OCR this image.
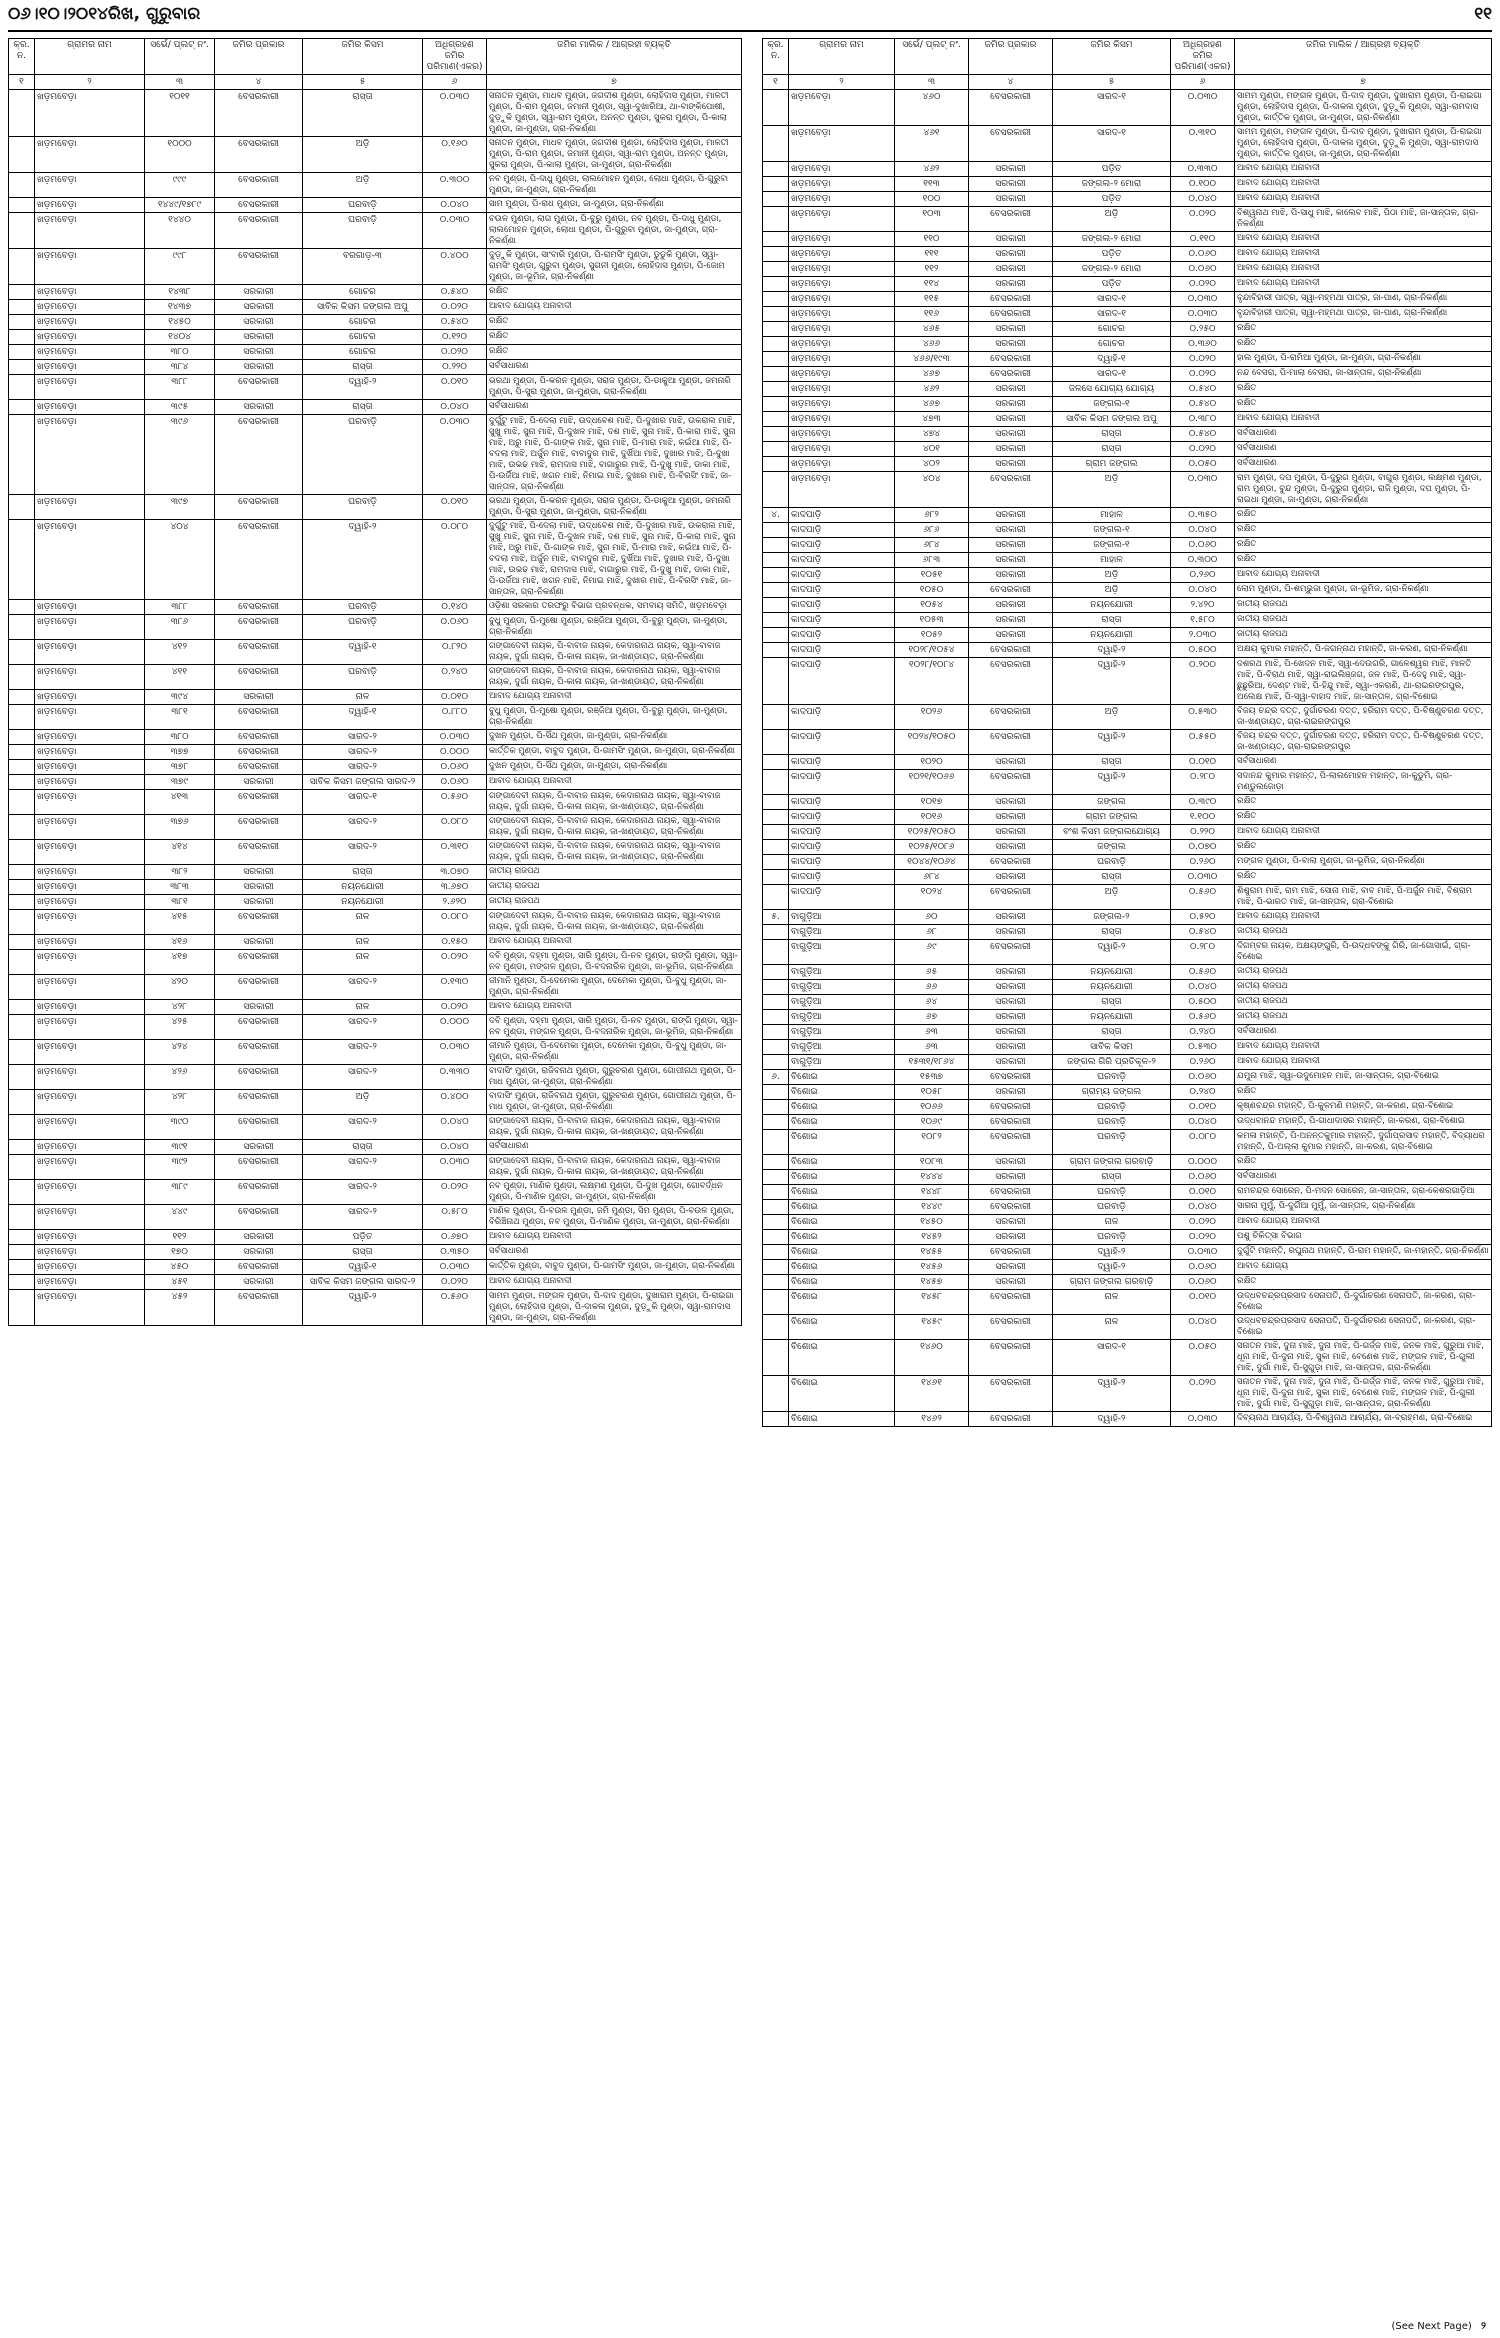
୦୬।୧୦।୨୦୧୪ରିଖ, ଗୁରୁବାର	୧୧
କ୍ର. ନ.	ଗ୍ରାମର ନାମ	ସର୍ଭେ/ ପ୍ଲଟ୍ ନଂ.	ଜମିର ପ୍ରକାର	ଜମିର କିସମ	ଅଧିଗ୍ରହଣ ଜମିର ପରିମାଣ(ଏକର)	ଜମିର ମାଲିକ / ଆଗ୍ରହୀ ବ୍ୟକ୍ତି
୧	୨	୩	୪	୫	୬	୭
	ଖଡ଼ମବେଡ଼ା	୧୦୧୧	ବେସରକାରୀ	ରାସ୍ତା	୦.୦୩୦	ସନାତନ ମୁଣ୍ଡା, ମାଧବ ମୁଣ୍ଡା, ଜଗଦୀଶ ମୁଣ୍ଡା, ଲୋହିଦାସ ମୁଣ୍ଡା, ମାଳତୀ ମୁଣ୍ଡା, ପି-ରାମ ମୁଣ୍ଡା, ଜମାନୀ ମୁଣ୍ଡା, ସ୍ୱା-ଦୁଖାରିଆ, ଥା-ବାଙ୍କିପୋଷୀ, ଦୁଡ଼ୁକି ମୁଣ୍ଡା, ସ୍ୱା-ରାମ ମୁଣ୍ଡା, ଅନନ୍ତ ମୁଣ୍ଡା, ସୁକରା ମୁଣ୍ଡା, ପି-କାଲା ମୁଣ୍ଡା, ଜା-ମୁଣ୍ଡା, ଗ୍ରା-ନିକର୍ଣ୍ଣା
	ଖଡ଼ମବେଡ଼ା	୧୦୦୦	ବେସରକାରୀ	ଅଡ଼ି	୦.୧୬୦	ସନାତନ ମୁଣ୍ଡା, ମାଧବ ମୁଣ୍ଡା, ଜଗଦୀଶ ମୁଣ୍ଡା, ଲୋହିଦାସ ମୁଣ୍ଡା, ମାଳତୀ ମୁଣ୍ଡା, ପି-ରାମ ମୁଣ୍ଡା, ଜମାନୀ ମୁଣ୍ଡା, ସ୍ୱା-ରାମ ମୁଣ୍ଡା, ଅନନ୍ତ ମୁଣ୍ଡା, ସୁକରା ମୁଣ୍ଡା, ପି-କାଲା ମୁଣ୍ଡା, ଜା-ମୁଣ୍ଡା, ଗ୍ରା-ନିକର୍ଣ୍ଣା
	ଖଡ଼ମବେଡ଼ା	୯୯୯	ବେସରକାରୀ	ଅଡ଼ି	୦.୩୦୦	ନବ ମୁଣ୍ଡା, ପି-ଦାଧୁ ମୁଣ୍ଡା, ଲାଲମୋହନ ମୁଣ୍ଡା, ଲୋଧା ମୁଣ୍ଡା, ପି-ଗୁରୁବା ମୁଣ୍ଡା, ଜା-ମୁଣ୍ଡା, ଗ୍ରା-ନିକର୍ଣ୍ଣା
	ଖଡ଼ମବେଡ଼ା	୧୪୪୯/୧୭୮୯	ବେସରକାରୀ	ଘରବାଡ଼ି	୦.୦୪୦	ସାମ ମୁଣ୍ଡା, ପି-ରାଧ ମୁଣ୍ଡା, ଜା-ମୁଣ୍ଡା, ଗ୍ରା-ନିକର୍ଣ୍ଣା
	ଖଡ଼ମବେଡ଼ା	୧୪୪୦	ବେସରକାରୀ	ଘରବାଡ଼ି	୦.୦୩୦	ବଉଳ ମୁଣ୍ଡା, ଲାଗ ମୁଣ୍ଡା, ପି-ବୁରୁ ମୁଣ୍ଡା, ନବ ମୁଣ୍ଡା, ପି-ଦାଧୁ ମୁଣ୍ଡା, ଲାଲମୋହନ ମୁଣ୍ଡା, ଲୋଧା ମୁଣ୍ଡା, ପି-ଗୁରୁବା ମୁଣ୍ଡା, ଜା-ମୁଣ୍ଡା, ଗ୍ରା-ନିକର୍ଣ୍ଣା
	ଖଡ଼ମବେଡ଼ା	୯୯୮	ବେସରକାରୀ	ବରଗାଡ଼-୩	୦.୪୦୦	ଦୁଡ଼ୁକି ମୁଣ୍ଡା, ସାଂବାରି ମୁଣ୍ଡା, ପି-ରାମସିଂ ମୁଣ୍ଡା, ଡୁଡୁକି ମୁଣ୍ଡା, ସ୍ୱା-ରାମସିଂ ମୁଣ୍ଡା, ଗୁରୁବା ମୁଣ୍ଡା, ସୁଗନୀ ମୁଣ୍ଡା, ଲୋହିଦାସ ମୁଣ୍ଡା, ପି-ଜୋମ ମୁଣ୍ଡା, ଜା-ଭୂମିଜ, ଗ୍ରା-ନିକର୍ଣ୍ଣା
	ଖଡ଼ମବେଡ଼ା	୧୪୩୮	ସରକାରୀ	ଗୋଚର	୦.୫୪୦	ରକ୍ଷିତ
	ଖଡ଼ମବେଡ଼ା	୧୪୩୭	ସରକାରୀ	ସାବିକ କିସମ ଜଙ୍ଗଲ ଅପୁ	୦.୦୨୦	ଆବାଦ ଯୋଗ୍ୟ ଅନାବାଦୀ
	ଖଡ଼ମବେଡ଼ା	୧୪୫୦	ସରକାରୀ	ଗୋଚର	୦.୫୪୦	ରକ୍ଷିତ
	ଖଡ଼ମବେଡ଼ା	୧୪୦୪	ସରକାରୀ	ଗୋଚର	୦.୧୨୦	ରକ୍ଷିତ
	ଖଡ଼ମବେଡ଼ା	୩୮୦	ସରକାରୀ	ଗୋଚର	୦.୦୨୦	ରକ୍ଷିତ
	ଖଡ଼ମବେଡ଼ା	୩୮୪	ସରକାରୀ	ରାସ୍ତା	୦.୨୨୦	ସର୍ବସାଧାରଣ
	ଖଡ଼ମବେଡ଼ା	୩୮୮	ବେସରକାରୀ	ଦ୍ୱାହି-୨	୦.୦୧୦	ଭରଥା ମୁଣ୍ଡା, ପି-କରନ ମୁଣ୍ଡା, ସରାଜ ମୁଣ୍ଡା, ପି-ଡାକୁଆ ମୁଣ୍ଡା, ଜମନାରି ମୁଣ୍ଡା, ପି-ସୁରା ମୁଣ୍ଡା, ଜା-ମୁଣ୍ଡା, ଗ୍ରା-ନିକର୍ଣ୍ଣା
	ଖଡ଼ମବେଡ଼ା	୩୯୫	ସରକାରୀ	ରାସ୍ତା	୦.୦୪୦	ସର୍ବସାଧାରଣ
	ଖଡ଼ମବେଡ଼ା	୩୯୬	ବେସରକାରୀ	ଘରବାଡ଼ି	୦.୦୩୦	ଦୁର୍ଗୁଟୁ ମାଝି, ପି-ଦେଲା ମାଝି, ଉଦ୍ଧବେଶ ମାଝି, ପି-ଦୁଖାର ମାଝି, ଉକରାଲ ମାଝି, ସୁଖୁ ମାଝି, ସୁନା ମାଝି, ପି-ଦୁଖଳ ମାଝି, ଦଶ ମାଝି, ସୁନା ମାଝି, ପି-କାରା ମାଝି, ସୁନା ମାଝି, ଅରୁ ମାଝି, ପି-ଗାଙ୍କ ମାଝି, ସୁନା ମାଝି, ପି-ମାରା ମାଝି, କଇଁଆ ମାଝି, ପି-ବଦଲା ମାଝି, ଅର୍ଜୁନ ମାଝି, ବାବାଦୁର ମାଝି, ଦୁର୍ଖିଆ ମାଝି, ଦୁଖାର ମାଝି, ପି-ଦୁଖା ମାଝି, ଉଭଢ ମାଝି, ରାମଦାସ ମାଝି, ବାଗାରୁର ମାଝି, ପି-ଦୁଖୁ ମାଝି, ଡାକା ମାଝି, ପି-ଉର୍ଜିଆ ମାଝି, ଖଗନ ମାଝି, ନିମାଇ ମାଝି, ଦୁଖାର ମାଝି, ପି-ବିରସିଂ ମାଝି, ଜା-ସାନ୍ତାଳ, ଗ୍ରା-ନିକର୍ଣ୍ଣା
	ଖଡ଼ମବେଡ଼ା	୩୯୭	ବେସରକାରୀ	ଘରବାଡ଼ି	୦.୦୧୦	ଭରଥା ମୁଣ୍ଡା, ପି-କରନ ମୁଣ୍ଡା, ସରାଜ ମୁଣ୍ଡା, ପି-ଡାକୁଆ ମୁଣ୍ଡା, ଜମନାରି ମୁଣ୍ଡା, ପି-ସୁରା ମୁଣ୍ଡା, ଜା-ମୁଣ୍ଡା, ଗ୍ରା-ନିକର୍ଣ୍ଣା
	ଖଡ଼ମବେଡ଼ା	୪୦୪	ବେସରକାରୀ	ଦ୍ୱାହି-୨	୦.୦୮୦	ଦୁର୍ଗୁଟୁ ମାଝି, ପି-ଦେଲା ମାଝି, ଉଦ୍ଧବେଶ ମାଝି, ପି-ଦୁଖାର ମାଝି, ଉକରାଲ ମାଝି, ସୁଖୁ ମାଝି, ସୁନା ମାଝି, ପି-ଦୁଖଳ ମାଝି, ଦଶ ମାଝି, ସୁନା ମାଝି, ପି-କାରା ମାଝି, ସୁନା ମାଝି, ଅରୁ ମାଝି, ପି-ଗାଙ୍କ ମାଝି, ସୁନା ମାଝି, ପି-ମାରା ମାଝି, କଇଁଆ ମାଝି, ପି-ବଦଲା ମାଝି, ଅର୍ଜୁନ ମାଝି, ବାବାଦୁର ମାଝି, ଦୁର୍ଖିଆ ମାଝି, ଦୁଖାର ମାଝି, ପି-ଦୁଖା ମାଝି, ଉଭଢ ମାଝି, ରାମଦାସ ମାଝି, ବାଗାରୁର ମାଝି, ପି-ଦୁଖୁ ମାଝି, ଡାକା ମାଝି, ପି-ଉର୍ଜିଆ ମାଝି, ଖଗନ ମାଝି, ନିମାଇ ମାଝି, ଦୁଖାର ମାଝି, ପି-ବିରସିଂ ମାଝି, ଜା-ସାନ୍ତାଳ, ଗ୍ରା-ନିକର୍ଣ୍ଣା
	ଖଡ଼ମବେଡ଼ା	୩୮୮	ବେସରକାରୀ	ଘରବାଡ଼ି	୦.୧୪୦	ଓଡ଼ିଶା ସରକାର ତରଫରୁ ବିଭାଗ ପ୍ରବନ୍ଧକ, ସମବାୟ ସମିତି, ଖଡ଼ମବେଡ଼ା
	ଖଡ଼ମବେଡ଼ା	୩୮୬	ବେସରକାରୀ	ଘରବାଡ଼ି	୦.୦୬୦	ବୁଧୁ ମୁଣ୍ଡା, ପି-ମୁଷୋ ମୁଣ୍ଡା, ରଞ୍ଜିଆ ମୁଣ୍ଡା, ପି-ବୁରୁ ମୁଣ୍ଡା, ଜା-ମୁଣ୍ଡା, ଗ୍ରା-ନିକର୍ଣ୍ଣା
	ଖଡ଼ମବେଡ଼ା	୪୧୨	ବେସରକାରୀ	ଦ୍ୱାହି-୧	୦.୮୨୦	ଗଙ୍ଗାଦେବୀ ନାୟକ, ପି-ବାବାଜ ନାୟକ, କେଦାରନାଥ ନାୟକ, ସ୍ୱା-ବାବାଜ ନାୟକ, ଦୁର୍ଗା ନାୟକ, ପି-କାଳା ନାୟକ, ଜା-ଖଣ୍ଡାୟତ, ଗ୍ରା-ନିକର୍ଣ୍ଣା
	ଖଡ଼ମବେଡ଼ା	୪୧୧	ବେସରକାରୀ	ଘରବାଡ଼ି	୦.୨୪୦	ଗଙ୍ଗାଦେବୀ ନାୟକ, ପି-ବାବାଜ ନାୟକ, କେଦାରନାଥ ନାୟକ, ସ୍ୱା-ବାବାଜ ନାୟକ, ଦୁର୍ଗା ନାୟକ, ପି-କାଳା ନାୟକ, ଜା-ଖଣ୍ଡାୟତ, ଗ୍ରା-ନିକର୍ଣ୍ଣା
	ଖଡ଼ମବେଡ଼ା	୩୯୪	ସରକାରୀ	ନାଳ	୦.୦୧୦	ଆବାଦ ଯୋଗ୍ୟ ଅନାବାଦୀ
	ଖଡ଼ମବେଡ଼ା	୩୮୧	ବେସରକାରୀ	ଦ୍ୱାହି-୧	୦.୮୮୦	ବୁଧୁ ମୁଣ୍ଡା, ପି-ମୁଷୋ ମୁଣ୍ଡା, ରଞ୍ଜିଆ ମୁଣ୍ଡା, ପି-ବୁରୁ ମୁଣ୍ଡା, ଜା-ମୁଣ୍ଡା, ଗ୍ରା-ନିକର୍ଣ୍ଣା
	ଖଡ଼ମବେଡ଼ା	୩୮୦	ବେସରକାରୀ	ସାରଦ-୨	୦.୦୩୦	ଦୁଖନ ମୁଣ୍ଡା, ପି-ସିଁଥ ମୁଣ୍ଡା, ଜା-ମୁଣ୍ଡା, ଗ୍ରା-ନିକର୍ଣ୍ଣା
	ଖଡ଼ମବେଡ଼ା	୩୭୭	ବେସରକାରୀ	ସାରଦ-୨	୦.୦୦୦	କାର୍ତ୍ତିକ ମୁଣ୍ଡା, ବାବୁଦ ମୁଣ୍ଡା, ପି-ଗାମସିଂ ମୁଣ୍ଡା, ଜା-ମୁଣ୍ଡା, ଗ୍ରା-ନିକର୍ଣ୍ଣା
	ଖଡ଼ମବେଡ଼ା	୩୭୮	ବେସରକାରୀ	ସାରଦ-୨	୦.୦୬୦	ଦୁଖନ ମୁଣ୍ଡା, ପି-ସିଁଥ ମୁଣ୍ଡା, ଜା-ମୁଣ୍ଡା, ଗ୍ରା-ନିକର୍ଣ୍ଣା
	ଖଡ଼ମବେଡ଼ା	୩୭୯	ସରକାରୀ	ସାବିକ କିସମ ଜଙ୍ଗଲ ସାରଦ-୨	୦.୦୬୦	ଆବାଦ ଯୋଗ୍ୟ ଅନାବାଦୀ
	ଖଡ଼ମବେଡ଼ା	୪୧୩	ବେସରକାରୀ	ସାରଦ-୧	୦.୫୬୦	ଗଙ୍ଗାଦେବୀ ନାୟକ, ପି-ବାବାଜ ନାୟକ, କେଦାରନାଥ ନାୟକ, ସ୍ୱା-ବାବାଜ ନାୟକ, ଦୁର୍ଗା ନାୟକ, ପି-କାଳା ନାୟକ, ଜା-ଖଣ୍ଡାୟତ, ଗ୍ରା-ନିକର୍ଣ୍ଣା
	ଖଡ଼ମବେଡ଼ା	୩୭୬	ବେସରକାରୀ	ସାରଦ-୨	୦.୦୮୦	ଗଙ୍ଗାଦେବୀ ନାୟକ, ପି-ବାବାଜ ନାୟକ, କେଦାରନାଥ ନାୟକ, ସ୍ୱା-ବାବାଜ ନାୟକ, ଦୁର୍ଗା ନାୟକ, ପି-କାଳା ନାୟକ, ଜା-ଖଣ୍ଡାୟତ, ଗ୍ରା-ନିକର୍ଣ୍ଣା
	ଖଡ଼ମବେଡ଼ା	୪୧୪	ବେସରକାରୀ	ସାରଦ-୨	୦.୩୧୦	ଗଙ୍ଗାଦେବୀ ନାୟକ, ପି-ବାବାଜ ନାୟକ, କେଦାରନାଥ ନାୟକ, ସ୍ୱା-ବାବାଜ ନାୟକ, ଦୁର୍ଗା ନାୟକ, ପି-କାଳା ନାୟକ, ଜା-ଖଣ୍ଡାୟତ, ଗ୍ରା-ନିକର୍ଣ୍ଣା
	ଖଡ଼ମବେଡ଼ା	୩୮୨	ସରକାରୀ	ରାସ୍ତା	୩.୦୭୦	ଜାତୀୟ ରାଜପଥ
	ଖଡ଼ମବେଡ଼ା	୩୮୩	ସରକାରୀ	ନୟନଯୋରୀ	୩.୬୭୦	ଜାତୀୟ ରାଜପଥ
	ଖଡ଼ମବେଡ଼ା	୩୮୧	ସରକାରୀ	ନୟନଯୋରୀ	୨.୬୨୦	ଜାତୀୟ ରାଜପଥ
	ଖଡ଼ମବେଡ଼ା	୪୧୫	ବେସରକାରୀ	ନାଳ	୦.୦୮୦	ଗଙ୍ଗାଦେବୀ ନାୟକ, ପି-ବାବାଜ ନାୟକ, କେଦାରନାଥ ନାୟକ, ସ୍ୱା-ବାବାଜ ନାୟକ, ଦୁର୍ଗା ନାୟକ, ପି-କାଳା ନାୟକ, ଜା-ଖଣ୍ଡାୟତ, ଗ୍ରା-ନିକର୍ଣ୍ଣା
	ଖଡ଼ମବେଡ଼ା	୪୧୬	ସରକାରୀ	ନାଳ	୦.୧୫୦	ଆବାଦ ଯୋଗ୍ୟ ଅନାବାଦୀ
	ଖଡ଼ମବେଡ଼ା	୪୧୭	ବେସରକାରୀ	ନାଳ	୦.୦୨୦	ଦବି ମୁଣ୍ଡା, ଦହ୍ମା ମୁଣ୍ଡା, ସାରି ମୁଣ୍ଡା, ପି-ନବ ମୁଣ୍ଡା, ରାଙ୍ଗି ମୁଣ୍ଡା, ସ୍ୱା-ନବ ମୁଣ୍ଡା, ମଙ୍ଗଳ ମୁଣ୍ଡା, ପି-ବଦନାରିକ ମୁଣ୍ଡା, ଜା-ଭୂମିଜ, ଗ୍ରା-ନିକର୍ଣ୍ଣା
	ଖଡ଼ମବେଡ଼ା	୪୨୦	ବେସରକାରୀ	ସାରଦ-୨	୦.୧୩୦	ଜୀମାନି ମୁଣ୍ଡା, ପି-ଦେମେକା ମୁଣ୍ଡା, ଦେମେକା ମୁଣ୍ଡା, ପି-ବୁଧୁ ମୁଣ୍ଡା, ଜା-ମୁଣ୍ଡା, ଗ୍ରା-ନିକର୍ଣ୍ଣା
	ଖଡ଼ମବେଡ଼ା	୪୨୮	ସରକାରୀ	ନାଳ	୦.୦୨୦	ଆବାଦ ଯୋଗ୍ୟ ଅନାବାଦୀ
	ଖଡ଼ମବେଡ଼ା	୪୨୫	ବେସରକାରୀ	ସାରଦ-୨	୦.୦୦୦	ଦବି ମୁଣ୍ଡା, ଦହ୍ମା ମୁଣ୍ଡା, ସାରି ମୁଣ୍ଡା, ପି-ନବ ମୁଣ୍ଡା, ରାଙ୍ଗି ମୁଣ୍ଡା, ସ୍ୱା-ନବ ମୁଣ୍ଡା, ମଙ୍ଗଳ ମୁଣ୍ଡା, ପି-ବଦନାରିକ ମୁଣ୍ଡା, ଜା-ଭୂମିଜ, ଗ୍ରା-ନିକର୍ଣ୍ଣା
	ଖଡ଼ମବେଡ଼ା	୪୨୪	ବେସରକାରୀ	ସାରଦ-୨	୦.୦୩୦	ଜୀମାନି ମୁଣ୍ଡା, ପି-ଦେମେକା ମୁଣ୍ଡା, ଦେମେକା ମୁଣ୍ଡା, ପି-ବୁଧୁ ମୁଣ୍ଡା, ଜା-ମୁଣ୍ଡା, ଗ୍ରା-ନିକର୍ଣ୍ଣା
	ଖଡ଼ମବେଡ଼ା	୪୨୬	ବେସରକାରୀ	ସାରଦ-୨	୦.୩୩୦	ବାଦାସିଂ ମୁଣ୍ଡା, ରାଜିବନାଥ ମୁଣ୍ଡା, ଗୁରୁଚରଣ ମୁଣ୍ଡା, ଗୋପୀନାଥ ମୁଣ୍ଡା, ପି-ମାଧ ମୁଣ୍ଡା, ଜା-ମୁଣ୍ଡା, ଗ୍ରା-ନିକର୍ଣ୍ଣା
	ଖଡ଼ମବେଡ଼ା	୪୨୮	ବେସରକାରୀ	ଅଡ଼ି	୦.୪୦୦	ବାଦାସିଂ ମୁଣ୍ଡା, ରାଜିବନାଥ ମୁଣ୍ଡା, ଗୁରୁଚରଣ ମୁଣ୍ଡା, ଗୋପୀନାଥ ମୁଣ୍ଡା, ପି-ମାଧ ମୁଣ୍ଡା, ଜା-ମୁଣ୍ଡା, ଗ୍ରା-ନିକର୍ଣ୍ଣା
	ଖଡ଼ମବେଡ଼ା	୩୯୦	ବେସରକାରୀ	ସାରଦ-୨	୦.୦୪୦	ଗଙ୍ଗାଦେବୀ ନାୟକ, ପି-ବାବାଜ ନାୟକ, କେଦାରନାଥ ନାୟକ, ସ୍ୱା-ବାବାଜ ନାୟକ, ଦୁର୍ଗା ନାୟକ, ପି-କାଳା ନାୟକ, ଜା-ଖଣ୍ଡାୟତ, ଗ୍ରା-ନିକର୍ଣ୍ଣା
	ଖଡ଼ମବେଡ଼ା	୩୯୧	ସରକାରୀ	ରାସ୍ତା	୦.୦୪୦	ସର୍ବସାଧାରଣ
	ଖଡ଼ମବେଡ଼ା	୩୯୨	ବେସରକାରୀ	ସାରଦ-୨	୦.୦୩୦	ଗଙ୍ଗାଦେବୀ ନାୟକ, ପି-ବାବାଜ ନାୟକ, କେଦାରନାଥ ନାୟକ, ସ୍ୱା-ବାବାଜ ନାୟକ, ଦୁର୍ଗା ନାୟକ, ପି-କାଳା ନାୟକ, ଜା-ଖଣ୍ଡାୟତ, ଗ୍ରା-ନିକର୍ଣ୍ଣା
	ଖଡ଼ମବେଡ଼ା	୩୮୯	ବେସରକାରୀ	ସାରଦ-୨	୦.୦୨୦	ନବ ମୁଣ୍ଡା, ମାଣିକ ମୁଣ୍ଡା, ଲକ୍ଷ୍ମଣ ମୁଣ୍ଡା, ପି-ଦୁଖ ମୁଣ୍ଡା, ଗୋବର୍ଦ୍ଧନ ମୁଣ୍ଡା, ପି-ମାଣିକ ମୁଣ୍ଡା, ଜା-ମୁଣ୍ଡା, ଗ୍ରା-ନିକର୍ଣ୍ଣା
	ଖଡ଼ମବେଡ଼ା	୪୪୯	ବେସରକାରୀ	ସାରଦ-୨	୦.୫୮୦	ମାଣିକ ମୁଣ୍ଡା, ପି-ବଉଳ ମୁଣ୍ଡା, ଜମି ମୁଣ୍ଡା, ସିମ ମୁଣ୍ଡା, ପି-ବଉଳ ମୁଣ୍ଡା, ବିରିଞ୍ଚିନାଥ ମୁଣ୍ଡା, ନବ ମୁଣ୍ଡା, ପି-ମାଣିକ ମୁଣ୍ଡା, ଜା-ମୁଣ୍ଡା, ଗ୍ରା-ନିକର୍ଣ୍ଣା
	ଖଡ଼ମବେଡ଼ା	୧୧୨	ସରକାରୀ	ପଡ଼ିତ	୦.୬୭୦	ଆବାଦ ଯୋଗ୍ୟ ଅନାବାଦୀ
	ଖଡ଼ମବେଡ଼ା	୧୭୦	ସରକାରୀ	ରାସ୍ତା	୦.୩୫୦	ସର୍ବସାଧାରଣ
	ଖଡ଼ମବେଡ଼ା	୪୫୦	ବେସରକାରୀ	ଦ୍ୱାହି-୧	୦.୦୩୦	କାର୍ତ୍ତିକ ମୁଣ୍ଡା, ବାବୁଦ ମୁଣ୍ଡା, ପି-ଗାମସିଂ ମୁଣ୍ଡା, ଜା-ମୁଣ୍ଡା, ଗ୍ରା-ନିକର୍ଣ୍ଣା
	ଖଡ଼ମବେଡ଼ା	୪୫୧	ସରକାରୀ	ସାବିକ କିସମ ଜଙ୍ଗଲ ସାରଦ-୨	୦.୦୨୦	ଆବାଦ ଯୋଗ୍ୟ ଅନାବାଦୀ
	ଖଡ଼ମବେଡ଼ା	୪୫୨	ବେସରକାରୀ	ଦ୍ୱାହି-୨	୦.୫୬୦	ସାମମ ମୁଣ୍ଡା, ମଙ୍ଗଳ ମୁଣ୍ଡା, ପି-ଦାଦ ମୁଣ୍ଡା, ଦୁଖାରାମ ମୁଣ୍ଡା, ପି-ରାଇଗା ମୁଣ୍ଡା, ଲୋହିଦାସ ମୁଣ୍ଡା, ପି-ଦାକଳା ମୁଣ୍ଡା, ଦୁଡ଼ୁକି ମୁଣ୍ଡା, ସ୍ୱା-ରାମଦାସ ମୁଣ୍ଡା, ଜା-ମୁଣ୍ଡା, ଗ୍ରା-ନିକର୍ଣ୍ଣା
କ୍ର. ନ.	ଗ୍ରାମର ନାମ	ସର୍ଭେ/ ପ୍ଲଟ୍ ନଂ.	ଜମିର ପ୍ରକାର	ଜମିର କିସମ	ଅଧିଗ୍ରହଣ ଜମିର ପରିମାଣ(ଏକର)	ଜମିର ମାଲିକ / ଆଗ୍ରହୀ ବ୍ୟକ୍ତି
୧	୨	୩	୪	୫	୬	୭
	ଖଡ଼ମବେଡ଼ା	୪୬୦	ବେସରକାରୀ	ସାରଦ-୧	୦.୦୩୦	ସାମମ ମୁଣ୍ଡା, ମଙ୍ଗଳ ମୁଣ୍ଡା, ପି-ଦାଦ ମୁଣ୍ଡା, ଦୁଖାରାମ ମୁଣ୍ଡା, ପି-ରାଇଗା ମୁଣ୍ଡା, ଲୋହିଦାସ ମୁଣ୍ଡା, ପି-ଦାକଳା ମୁଣ୍ଡା, ଦୁଡ଼ୁକି ମୁଣ୍ଡା, ସ୍ୱା-ରାମଦାସ ମୁଣ୍ଡା, କାର୍ତ୍ତିକ ମୁଣ୍ଡା, ଜା-ମୁଣ୍ଡା, ଗ୍ରା-ନିକର୍ଣ୍ଣା
	ଖଡ଼ମବେଡ଼ା	୪୬୧	ବେସରକାରୀ	ସାରଦ-୧	୦.୩୧୦	ସାମମ ମୁଣ୍ଡା, ମଙ୍ଗଳ ମୁଣ୍ଡା, ପି-ଦାଦ ମୁଣ୍ଡା, ଦୁଖାରାମ ମୁଣ୍ଡା, ପି-ରାଇଗା ମୁଣ୍ଡା, ଲୋହିଦାସ ମୁଣ୍ଡା, ପି-ଦାକଳା ମୁଣ୍ଡା, ଦୁଡ଼ୁକି ମୁଣ୍ଡା, ସ୍ୱା-ରାମଦାସ ମୁଣ୍ଡା, କାର୍ତ୍ତିକ ମୁଣ୍ଡା, ଜା-ମୁଣ୍ଡା, ଗ୍ରା-ନିକର୍ଣ୍ଣା
	ଖଡ଼ମବେଡ଼ା	୪୬୨	ସରକାରୀ	ପଡ଼ିତ	୦.୩୩୦	ଆବାଦ ଯୋଗ୍ୟ ଅନାବାଦୀ
	ଖଡ଼ମବେଡ଼ା	୧୧୩	ସରକାରୀ	ଜଙ୍ଗଲ-୨ ମୋରା	୦.୧୦୦	ଆବାଦ ଯୋଗ୍ୟ ଅନାବାଦୀ
	ଖଡ଼ମବେଡ଼ା	୧୦୦	ସରକାରୀ	ପଡ଼ିତ	୦.୦୪୦	ଆବାଦ ଯୋଗ୍ୟ ଅନାବାଦୀ
	ଖଡ଼ମବେଡ଼ା	୧୦୩	ବେସରକାରୀ	ଅଡ଼ି	୦.୦୨୦	ବିଶ୍ୱନାଥ ମାଝି, ପି-ସାଧୁ ମାଝି, କାଲେବ ମାଝି, ପିଠା ମାଝି, ଜା-ସାନ୍ତାଳ, ଗ୍ରା-ନିକର୍ଣ୍ଣା
	ଖଡ଼ମବେଡ଼ା	୧୧୦	ସରକାରୀ	ଜଙ୍ଗଲ-୨ ମୋରା	୦.୧୧୦	ଆବାଦ ଯୋଗ୍ୟ ଅନାବାଦୀ
	ଖଡ଼ମବେଡ଼ା	୧୧୧	ସରକାରୀ	ପଡ଼ିତ	୦.୦୬୦	ଆବାଦ ଯୋଗ୍ୟ ଅନାବାଦୀ
	ଖଡ଼ମବେଡ଼ା	୧୧୨	ସରକାରୀ	ଜଙ୍ଗଲ-୨ ମୋରା	୦.୦୬୦	ଆବାଦ ଯୋଗ୍ୟ ଅନାବାଦୀ
	ଖଡ଼ମବେଡ଼ା	୧୧୪	ସରକାରୀ	ପଡ଼ିତ	୦.୦୨୦	ଆବାଦ ଯୋଗ୍ୟ ଅନାବାଦୀ
	ଖଡ଼ମବେଡ଼ା	୧୧୫	ବେସରକାରୀ	ସାରଦ-୧	୦.୦୩୦	ବୃନ୍ଦାବିହାରୀ ପାତ୍ର, ସ୍ୱା-ମହ୍ମଥା ପାତ୍ର, ଜା-ପାଣ, ଗ୍ରା-ନିକର୍ଣ୍ଣା
	ଖଡ଼ମବେଡ଼ା	୧୧୬	ବେସରକାରୀ	ସାରଦ-୧	୦.୦୩୦	ବୃନ୍ଦାବିହାରୀ ପାତ୍ର, ସ୍ୱା-ମହ୍ମଥା ପାତ୍ର, ଜା-ପାଣ, ଗ୍ରା-ନିକର୍ଣ୍ଣା
	ଖଡ଼ମବେଡ଼ା	୪୬୫	ସରକାରୀ	ଗୋଚର	୦.୨୫୦	ରକ୍ଷିତ
	ଖଡ଼ମବେଡ଼ା	୪୬୬	ସରକାରୀ	ଗୋଚର	୦.୩୬୦	ରକ୍ଷିତ
	ଖଡ଼ମବେଡ଼ା	୪୬୬/୧୯୩	ବେସରକାରୀ	ଦ୍ୱାହି-୧	୦.୦୨୦	ହାଲ ମୁଣ୍ଡା, ପି-ରାମିଆ ମୁଣ୍ଡା, ଜା-ମୁଣ୍ଡା, ଗ୍ରା-ନିକର୍ଣ୍ଣା
	ଖଡ଼ମବେଡ଼ା	୪୬୭	ବେସରକାରୀ	ସାରଦ-୧	୦.୦୨୦	ନନ୍ଦ ବେସରା, ପି-ମାଲା ବେସରା, ଜା-ସାନ୍ତାଳ, ଗ୍ରା-ନିକର୍ଣ୍ଣା
	ଖଡ଼ମବେଡ଼ା	୪୬୨	ସରକାରୀ	ଜଳସେ ଯୋଗ୍ୟ ଯୋଗ୍ୟ	୦.୫୪୦	ରକ୍ଷିତ
	ଖଡ଼ମବେଡ଼ା	୪୬୭	ସରକାରୀ	ଜଙ୍ଗଲ-୧	୦.୫୪୦	ରକ୍ଷିତ
	ଖଡ଼ମବେଡ଼ା	୪୭୩	ସରକାରୀ	ସାବିକ କିସମ ଜଙ୍ଗଲ ଅପୁ	୦.୩୮୦	ଆବାଦ ଯୋଗ୍ୟ ଅନାବାଦୀ
	ଖଡ଼ମବେଡ଼ା	୪୭୪	ସରକାରୀ	ରାସ୍ତା	୦.୫୪୦	ସର୍ବସାଧାରଣ
	ଖଡ଼ମବେଡ଼ା	୪୦୧	ସରକାରୀ	ରାସ୍ତା	୦.୦୨୦	ସର୍ବସାଧାରଣ
	ଖଡ଼ମବେଡ଼ା	୪୦୨	ସରକାରୀ	ଗ୍ରାମ ଜଙ୍ଗଲ	୦.୦୫୦	ସର୍ବସାଧାରଣ
	ଖଡ଼ମବେଡ଼ା	୪୦୪	ବେସରକାରୀ	ଅଡ଼ି	୦.୦୩୦	ରାମ ମୁଣ୍ଡା, ଦପ ମୁଣ୍ଡା, ପି-ଦୁରୁଗ ମୁଣ୍ଡା, ବାଗୁରା ମୁଣ୍ଡା, ଲକ୍ଷ୍ମଣ ମୁଣ୍ଡା, ରାମ ମୁଣ୍ଡା, ବୁନ୍ଦ ମୁଣ୍ଡା, ପି-ଦୁରୁଗ ମୁଣ୍ଡା, ରାଜି ମୁଣ୍ଡା, ଦପ ମୁଣ୍ଡା, ପି-ରାଇଧା ମୁଣ୍ଡା, ଜା-ମୁଣ୍ଡା, ଗ୍ରା-ନିକର୍ଣ୍ଣା
୪.	କାଦପାଡ଼ି	୬୮୨	ସରକାରୀ	ମାହାଳ	୦.୩୫୦	ରକ୍ଷିତ
	କାଦପାଡ଼ି	୬୮୬	ସରକାରୀ	ଜଙ୍ଗଲ-୧	୦.୦୪୦	ରକ୍ଷିତ
	କାଦପାଡ଼ି	୬୮୪	ସରକାରୀ	ଜଙ୍ଗଲ-୧	୦.୦୬୦	ରକ୍ଷିତ
	କାଦପାଡ଼ି	୬୮୩	ସରକାରୀ	ମାହାଳ	୦.୩୦୦	ରକ୍ଷିତ
	କାଦପାଡ଼ି	୧୦୫୧	ସରକାରୀ	ଅଡ଼ି	୦.୨୬୦	ଆବାଦ ଯୋଗ୍ୟ ଅନାବାଦୀ
	କାଦପାଡ଼ି	୧୦୫୦	ବେସରକାରୀ	ଅଡ଼ି	୦.୦୪୦	ଲୋମ ମୁଣ୍ଡା, ପି-ଶମ୍ଭୁଜା ମୁଣ୍ଡା, ଜା-ଭୂମିଜ, ଗ୍ରା-ନିକର୍ଣ୍ଣା
	କାଦପାଡ଼ି	୧୦୫୪	ସରକାରୀ	ନୟନଯୋରୀ	୨.୪୨୦	ଜାତୀୟ ରାଜପଥ
	କାଦପାଡ଼ି	୧୦୫୩	ସରକାରୀ	ରାସ୍ତା	୧.୫୮୦	ଜାତୀୟ ରାଜପଥ
	କାଦପାଡ଼ି	୧୦୫୨	ସରକାରୀ	ନୟନଯୋରୀ	୨.୦୩୦	ଜାତୀୟ ରାଜପଥ
	କାଦପାଡ଼ି	୧୦୨୮/୧୦୫୪	ବେସରକାରୀ	ଦ୍ୱାହି-୨	୦.୫୦୦	ଅକ୍ଷୟ କୁମାର ମହାନ୍ତି, ପି-ଜଗନ୍ନାଥ ମହାନ୍ତି, ଜା-କରଣ, ଗ୍ରା-ନିକର୍ଣ୍ଣା
	କାଦପାଡ଼ି	୧୦୨୮/୧୦୮୪	ବେସରକାରୀ	ଦ୍ୱାହି-୨	୦.୨୦୦	ଦଶରଥ ମାଝି, ପି-ଖେଦନ ମାଝି, ସ୍ୱା-ଦେଉଗରି, ଗାଳେଶ୍ୱର ମାଝି, ମାଳତି ମାଝି, ପି-ବିରାଥ ମାଝି, ସ୍ୱା-ରାଇଲିଞ୍ଜଗ, ଜଳ ମାଝି, ପି-ଦେହୁ ମାଝି, ସ୍ୱା-ଛୁଛୁରିଆ, ଦେଣ୍ଟ ମାଝି, ପି-ହିନ୍ଦୁ ମାଝି, ସ୍ୱା-ଏକରାଣି, ଥା-ରାଇରଙ୍ଗପୁର, ଅଲେକ୍ଷ ମାଝି, ପି-ସ୍ୱା-ବାହାଦ ମାଝି, ଜା-ସାନ୍ତାଳ, ଗ୍ରା-ବିଶୋଇ
	କାଦପାଡ଼ି	୧୦୨୬	ବେସରକାରୀ	ଅଡ଼ି	୦.୫୩୦	ବିଜୟ ଚନ୍ଦ୍ର ଦତ୍ତ, ଦୁର୍ଗାଚରଣ ଦତ୍ତ, ହରିରାମ ଦତ୍ତ, ପି-ବିଷ୍ଣୁଚରଣ ଦତ୍ତ, ଜା-ଖଣ୍ଡାୟତ, ଗ୍ରା-ରାଇରଙ୍ଗପୁର
	କାଦପାଡ଼ି	୧୦୨୪/୧୦୫୦	ବେସରକାରୀ	ଦ୍ୱାହି-୨	୦.୫୫୦	ବିଜୟ ଚନ୍ଦ୍ର ଦତ୍ତ, ଦୁର୍ଗାଚରଣ ଦତ୍ତ, ହରିରାମ ଦତ୍ତ, ପି-ବିଷ୍ଣୁଚରଣ ଦତ୍ତ, ଜା-ଖଣ୍ଡାୟତ, ଗ୍ରା-ରାଇରଙ୍ଗପୁର
	କାଦପାଡ଼ି	୧୦୨୦	ସରକାରୀ	ରାସ୍ତା	୦.୦୧୦	ସର୍ବସାଧାରଣ
	କାଦପାଡ଼ି	୧୦୨୧/୧୦୬୬	ବେସରକାରୀ	ଦ୍ୱାହି-୨	୦.୨୮୦	ସଦାନନ୍ଦ କୁମାର ମହାନ୍ତ, ପି-ଲାଲମୋହନ ମହାନ୍ତ, ଜା-କୁଡୁମି, ଗ୍ରା-ମଣ୍ଡୁଲଜୋଡ଼ା
	କାଦପାଡ଼ି	୧୦୧୭	ସରକାରୀ	ଜଙ୍ଗଲ	୦.୩୯୦	ରକ୍ଷିତ
	କାଦପାଡ଼ି	୧୦୧୬	ସରକାରୀ	ଗ୍ରାମ ଜଙ୍ଗଲ	୧.୧୦୦	ରକ୍ଷିତ
	କାଦପାଡ଼ି	୧୦୨୫/୧୦୫୦	ସରକାରୀ	ବଂଶ କିସମ ଜଙ୍ଗଲଯୋଗ୍ୟ	୦.୨୨୦	ଆବାଦ ଯୋଗ୍ୟ ଅନାବାଦୀ
	କାଦପାଡ଼ି	୧୦୨୫/୧୦୮୬	ସରକାରୀ	ଜଙ୍ଗଲ	୦.୦୭୦	ରକ୍ଷିତ
	କାଦପାଡ଼ି	୧୦୪୪/୧୦୬୪	ବେସରକାରୀ	ଘରବାଡ଼ି	୦.୨୬୦	ମଙ୍ଗଳ ମୁଣ୍ଡା, ପି-ବାଲା ମୁଣ୍ଡା, ଜା-ଭୂମିଜ, ଗ୍ରା-ନିକର୍ଣ୍ଣା
	କାଦପାଡ଼ି	୬୮୪	ସରକାରୀ	ରାସ୍ତା	୦.୦୩୦	ରକ୍ଷିତ
	କାଦପାଡ଼ି	୧୦୨୪	ବେସରକାରୀ	ଅଡ଼ି	୦.୫୬୦	ଶିଶୁରାମ ମାଝି, ରାମ ମାଝି, ସୋନା ମାଝି, ବାବ ମାଝି, ପି-ଅର୍ଜୁନ ମାଝି, ବିଶ୍ରାମ ମାଝି, ପି-ଭାରତ ମାଝି, ଜା-ସାନ୍ତାଳ, ଗ୍ରା-ବିଶୋଇ
୫.	ବାଗୁଡ଼ିଆ	୬୦	ସରକାରୀ	ଜଙ୍ଗଲ-୨	୦.୫୨୦	ଆବାଦ ଯୋଗ୍ୟ ଅନାବାଦୀ
	ବାଗୁଡ଼ିଆ	୬୮	ସରକାରୀ	ରାସ୍ତା	୦.୫୪୦	ଜାତୀୟ ରାଜପଥ
	ବାଗୁଡ଼ିଆ	୬୯	ବେସରକାରୀ	ଦ୍ୱାହି-୨	୦.୨୮୦	ଦିଗମ୍ବର ନାୟକ, ଅକ୍ଷୟଙ୍ଗୁରି, ପି-ଉଦ୍ଧବଙ୍କୁ ଗିରି, ଜା-ଗୋସାଇଁ, ଗ୍ରା-ବିଶୋଇ
	ବାଗୁଡ଼ିଆ	୬୫	ସରକାରୀ	ନୟନଯୋରୀ	୦.୫୬୦	ଜାତୀୟ ରାଜପଥ
	ବାଗୁଡ଼ିଆ	୬୬	ସରକାରୀ	ନୟନଯୋରୀ	୦.୦୪୦	ଜାତୀୟ ରାଜପଥ
	ବାଗୁଡ଼ିଆ	୬୪	ସରକାରୀ	ରାସ୍ତା	୦.୫୦୦	ଜାତୀୟ ରାଜପଥ
	ବାଗୁଡ଼ିଆ	୬୭	ସରକାରୀ	ନୟନଯୋରୀ	୦.୫୬୦	ଜାତୀୟ ରାଜପଥ
	ବାଗୁଡ଼ିଆ	୬୩	ସରକାରୀ	ରାସ୍ତା	୦.୨୪୦	ସର୍ବସାଧାରଣ
	ବାଗୁଡ଼ିଆ	୬୩	ସରକାରୀ	ସାବିକ କିସମ	୦.୫୩୦	ଆବାଦ ଯୋଗ୍ୟ ଅନାବାଦୀ
	ବାଗୁଡ଼ିଆ	୧୫୩୧/୧୮୬୪	ସରକାରୀ	ଜଙ୍ଗଲ ଗିରି ପ୍ରତିକୂଳ-୨	୦.୨୬୦	ଆବାଦ ଯୋଗ୍ୟ ଅନାବାଦୀ
୬.	ବିଶୋଇ	୧୫୩୭	ବେସରକାରୀ	ଘରବାଡ଼ି	୦.୦୬୦	ଯମୁନା ମାଝି, ସ୍ୱା-ଉଦୁମୋହନ ମାଝି, ଜା-ସାନ୍ତାଳ, ଗ୍ରା-ବିଶୋଇ
	ବିଶୋଇ	୧୦୫୮	ସରକାରୀ	ଗ୍ରାମ୍ୟ ଜଙ୍ଗଲ	୦.୨୪୦	ରକ୍ଷିତ
	ବିଶୋଇ	୧୦୬୬	ବେସରକାରୀ	ଘରବାଡ଼ି	୦.୦୧୦	କୃଷ୍ଣଚନ୍ଦ୍ର ମହାନ୍ତି, ପି-କୁଳମଣି ମହାନ୍ତି, ଜା-କରଣ, ଗ୍ରା-ବିଶୋଇ
	ବିଶୋଇ	୧୦୬୯	ବେସରକାରୀ	ଘରବାଡ଼ି	୦.୦୪୦	ଉଦ୍ଧବାନନ୍ଦ ମହାନ୍ତି, ପି-ଗାଧାଦାସର ମହାନ୍ତି, ଜା-କରଣ, ଗ୍ରା-ବିଶୋଇ
	ବିଶୋଇ	୧୦୮୨	ବେସରକାରୀ	ଘରବାଡ଼ି	୦.୦୮୦	କମଳା ମହାନ୍ତି, ପି-ଅନନ୍ତକୁମାର ମହାନ୍ତି, ଦୁର୍ଗାପ୍ରସାଦ ମହାନ୍ତି, ବିଦ୍ୟାଧର ମହାନ୍ତି, ପି-ଅଲ୍ଲା କୁମାର ମହାନ୍ତି, ଜା-କରଣ, ଗ୍ରା-ବିଶୋଇ
	ବିଶୋଇ	୧୦୮୩	ସରକାରୀ	ଗ୍ରାମ ଜଙ୍ଗଲ ଗରବାଡ଼ି	୦.୦୦୦	ରକ୍ଷିତ
	ବିଶୋଇ	୧୪୪୪	ସରକାରୀ	ରାସ୍ତା	୦.୦୬୦	ସର୍ବସାଧାରଣ
	ବିଶୋଇ	୧୪୪୮	ବେସରକାରୀ	ଘରବାଡ଼ି	୦.୦୧୦	ରାମଚନ୍ଦ୍ର ସୋରେନ, ପି-ମଦନ ସୋରେନ, ଜା-ସାନ୍ତାଳ, ଗ୍ରା-କେଶରଗାଡ଼ିଆ
	ବିଶୋଇ	୧୪୪୯	ବେସରକାରୀ	ଘରବାଡ଼ି	୦.୦୪୦	ସାରନା ମୁର୍ମୁ, ପି-ଦୁର୍ଗିଆ ମୁର୍ମୁ, ଜା-ସାନ୍ତାଳ, ଗ୍ରା-ନିକର୍ଣ୍ଣା
	ବିଶୋଇ	୧୪୫୦	ସରକାରୀ	ନାଳ	୦.୦୨୦	ଆବାଦ ଯୋଗ୍ୟ ଅନାବାଦୀ
	ବିଶୋଇ	୧୪୫୨	ସରକାରୀ	ଘରବାଡ଼ି	୦.୦୨୦	ପଶୁ ଚିକିତ୍ସା ବିଭାଗ
	ବିଶୋଇ	୧୪୫୫	ବେସରକାରୀ	ଦ୍ୱାହି-୨	୦.୦୩୦	ଦୁର୍ଗୁଟି ମହାନ୍ତି, ରଘୁନାଥ ମହାନ୍ତି, ପି-ରାମ ମହାନ୍ତି, ଜା-ମହାନ୍ତି, ଗ୍ରା-ନିକର୍ଣ୍ଣା
	ବିଶୋଇ	୧୪୫୬	ସରକାରୀ	ଦ୍ୱାହି-୨	୦.୦୬୦	ଆବାଦ ଯୋଗ୍ୟ
	ବିଶୋଇ	୧୪୫୭	ସରକାରୀ	ଗ୍ରାମ ଜଙ୍ଗଲ ଗରବାଡ଼ି	୦.୦୬୦	ରକ୍ଷିତ
	ବିଶୋଇ	୧୪୫୮	ବେସରକାରୀ	ନାଳ	୦.୦୧୦	ଉଦ୍ଧବଚନ୍ଦ୍ରପ୍ରସାଦ ସେନାପତି, ପି-ଦୁର୍ଗାଚରଣ ସେନାପତି, ଜା-କରଣ, ଗ୍ରା-ବିଶୋଇ
	ବିଶୋଇ	୧୪୫୯	ବେସରକାରୀ	ନାଳ	୦.୦୪୦	ଉଦ୍ଧବଚନ୍ଦ୍ରପ୍ରସାଦ ସେନାପତି, ପି-ଦୁର୍ଗାଚରଣ ସେନାପତି, ଜା-କରଣ, ଗ୍ରା-ବିଶୋଇ
	ବିଶୋଇ	୧୪୬୦	ବେସରକାରୀ	ସାରଦ-୧	୦.୦୫୦	ସନାତନ ମାଝି, ଦୁନା ମାଝି, ଦୁନା ମାଝି, ପି-ଗର୍ଜ୍ଜ ମାଝି, ଜନକ ମାଝି, ଗୁରୁଆ ମାଝି, ଧୂନା ମାଝି, ପି-ଦୁନା ମାଝି, ସୁକା ମାଝି, ବେଣେଶ ମାଝି, ମଙ୍ଗଳ ମାଝି, ପି-ଗୁଲୀ ମାଝି, ଦୁର୍ଗା ମାଝି, ପି-ସୁଗୁଡ଼ା ମାଝି, ଜା-ସାନ୍ତାଳ, ଗ୍ରା-ନିକର୍ଣ୍ଣା
	ବିଶୋଇ	୧୪୬୧	ବେସରକାରୀ	ଦ୍ୱାହି-୨	୦.୦୨୦	ସନାତନ ମାଝି, ଦୁନା ମାଝି, ଦୁନା ମାଝି, ପି-ଗର୍ଜ୍ଜ ମାଝି, ଜନକ ମାଝି, ଗୁରୁଆ ମାଝି, ଧୂନା ମାଝି, ପି-ଦୁନା ମାଝି, ସୁକା ମାଝି, ବେଣେଶ ମାଝି, ମଙ୍ଗଳ ମାଝି, ପି-ଗୁଲୀ ମାଝି, ଦୁର୍ଗା ମାଝି, ପି-ସୁଗୁଡ଼ା ମାଝି, ଜା-ସାନ୍ତାଳ, ଗ୍ରା-ନିକର୍ଣ୍ଣା
	ବିଶୋଇ	୧୪୬୨	ବେସରକାରୀ	ଦ୍ୱାହି-୨	୦.୦୩୦	ଦିବ୍ୟନାଥ ଆଚାର୍ଯ୍ୟ, ପି-ବିଶ୍ୱନାଥ ଆଚାର୍ଯ୍ୟ, ଜା-ବ୍ରାହ୍ମଣ, ଗ୍ରା-ବିଶୋଇ
(See Next Page) ୨
